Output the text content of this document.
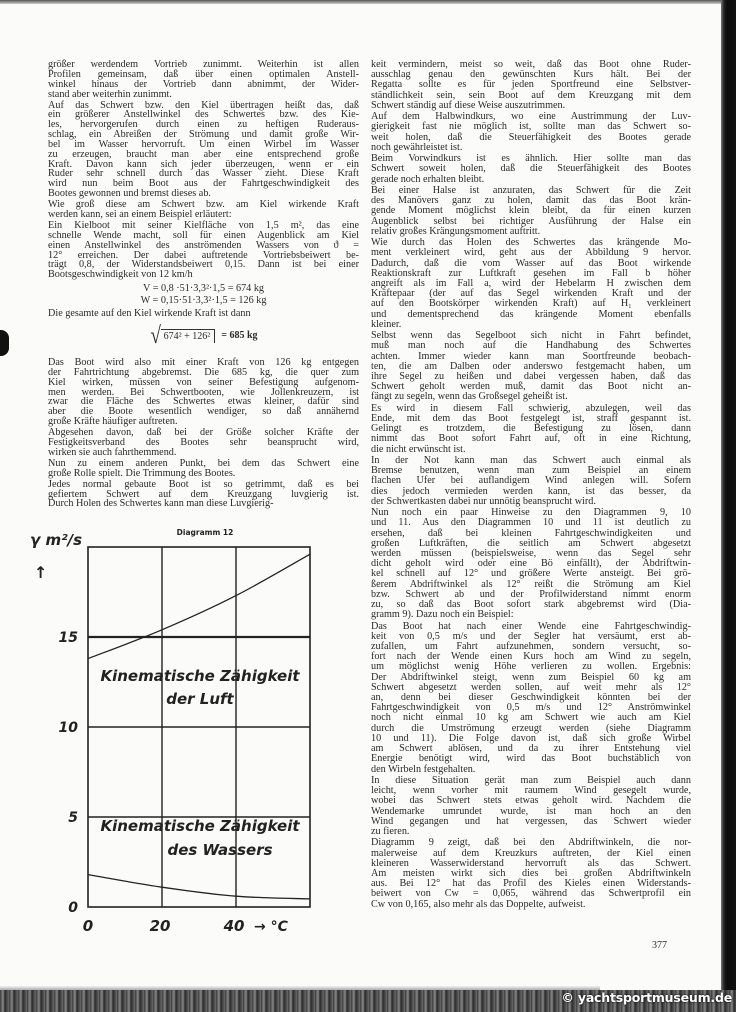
größer werdendem Vortrieb zunimmt. Weiterhin ist allen
Profilen gemeinsam, daß über einen optimalen Anstell-
winkel hinaus der Vortrieb dann abnimmt, der Wider-
stand aber weiterhin zunimmt.
Auf das Schwert bzw. den Kiel übertragen heißt das, daß
ein größerer Anstellwinkel des Schwertes bzw. des Kie-
les, hervorgerufen durch einen zu heftigen Ruderaus-
schlag, ein Abreißen der Strömung und damit große Wir-
bel im Wasser hervorruft. Um einen Wirbel im Wasser
zu erzeugen, braucht man aber eine entsprechend große
Kraft. Davon kann sich jeder überzeugen, wenn er ein
Ruder sehr schnell durch das Wasser zieht. Diese Kraft
wird nun beim Boot aus der Fahrtgeschwindigkeit des
Bootes gewonnen und bremst dieses ab.
Wie groß diese am Schwert bzw. am Kiel wirkende Kraft
werden kann, sei an einem Beispiel erläutert:
Ein Kielboot mit seiner Kielfläche von 1,5 m², das eine
schnelle Wende macht, soll für einen Augenblick am Kiel
einen Anstellwinkel des anströmenden Wassers von ϑ =
12° erreichen. Der dabei auftretende Vortriebsbeiwert be-
trägt 0,8, der Widerstandsbeiwert 0,15. Dann ist bei einer
Bootsgeschwindigkeit von 12 km/h
V = 0,8 ·51·3,3²·1,5 = 674 kg
W = 0,15·51·3,3²·1,5 = 126 kg
Die gesamte auf den Kiel wirkende Kraft ist dann
√ 674² + 126²	= 685 kg
Das Boot wird also mit einer Kraft von 126 kg entgegen
der Fahrtrichtung abgebremst. Die 685 kg, die quer zum
Kiel wirken, müssen von seiner Befestigung aufgenom-
men werden. Bei Schwertbooten, wie Jollenkreuzern, ist
zwar die Fläche des Schwertes etwas kleiner, dafür sind
aber die Boote wesentlich wendiger, so daß annähernd
große Kräfte häufiger auftreten.
Abgesehen davon, daß bei der Größe solcher Kräfte der
Festigkeitsverband des Bootes sehr beansprucht wird,
wirken sie auch fahrthemmend.
Nun zu einem anderen Punkt, bei dem das Schwert eine
große Rolle spielt. Die Trimmung des Bootes.
Jedes normal gebaute Boot ist so getrimmt, daß es bei
gefiertem Schwert auf dem Kreuzgang luvgierig ist.
Durch Holen des Schwertes kann man diese Luvgierig-
keit vermindern, meist so weit, daß das Boot ohne Ruder-
ausschlag genau den gewünschten Kurs hält. Bei der
Regatta sollte es für jeden Sportfreund eine Selbstver-
ständlichkeit sein, sein Boot auf dem Kreuzgang mit dem
Schwert ständig auf diese Weise auszutrimmen.
Auf dem Halbwindkurs, wo eine Austrimmung der Luv-
gierigkeit fast nie möglich ist, sollte man das Schwert so-
weit holen, daß die Steuerfähigkeit des Bootes gerade
noch gewährleistet ist.
Beim Vorwindkurs ist es ähnlich. Hier sollte man das
Schwert soweit holen, daß die Steuerfähigkeit des Bootes
gerade noch erhalten bleibt.
Bei einer Halse ist anzuraten, das Schwert für die Zeit
des Manövers ganz zu holen, damit das das Boot krän-
gende Moment möglichst klein bleibt, da für einen kurzen
Augenblick selbst bei richtiger Ausführung der Halse ein
relativ großes Krängungsmoment auftritt.
Wie durch das Holen des Schwertes das krängende Mo-
ment verkleinert wird, geht aus der Abbildung 9 hervor.
Dadurch, daß die vom Wasser auf das Boot wirkende
Reaktionskraft zur Luftkraft gesehen im Fall b höher
angreift als im Fall a, wird der Hebelarm H zwischen dem
Kräftepaar (der auf das Segel wirkenden Kraft und der
auf den Bootskörper wirkenden Kraft) auf H₁ verkleinert
und dementsprechend das krängende Moment ebenfalls
kleiner.
Selbst wenn das Segelboot sich nicht in Fahrt befindet,
muß man noch auf die Handhabung des Schwertes
achten. Immer wieder kann man Soortfreunde beobach-
ten, die am Dalben oder anderswo festgemacht haben, um
ihre Segel zu heißen und dabei vergessen haben, daß das
Schwert geholt werden muß, damit das Boot nicht an-
fängt zu segeln, wenn das Großsegel geheißt ist.
Es wird in diesem Fall schwierig, abzulegen, weil das
Ende, mit dem das Boot festgelegt ist, straff gespannt ist.
Gelingt es trotzdem, die Befestigung zu lösen, dann
nimmt das Boot sofort Fahrt auf, oft in eine Richtung,
die nicht erwünscht ist.
In der Not kann man das Schwert auch einmal als
Bremse benutzen, wenn man zum Beispiel an einem
flachen Ufer bei auflandigem Wind anlegen will. Sofern
dies jedoch vermieden werden kann, ist das besser, da
der Schwertkasten dabei nur unnötig beansprucht wird.
Nun noch ein paar Hinweise zu den Diagrammen 9, 10
und 11. Aus den Diagrammen 10 und 11 ist deutlich zu
ersehen, daß bei kleinen Fahrtgeschwindigkeiten und
großen Luftkräften, die seitlich am Schwert abgesetzt
werden müssen (beispielsweise, wenn das Segel sehr
dicht geholt wird oder eine Bö einfällt), der Abdriftwin-
kel schnell auf 12° und größere Werte ansteigt. Bei grö-
ßerem Abdriftwinkel als 12° reißt die Strömung am Kiel
bzw. Schwert ab und der Profilwiderstand nimmt enorm
zu, so daß das Boot sofort stark abgebremst wird (Dia-
gramm 9). Dazu noch ein Beispiel:
Das Boot hat nach einer Wende eine Fahrtgeschwindig-
keit von 0,5 m/s und der Segler hat versäumt, erst ab-
zufallen, um Fahrt aufzunehmen, sondern versucht, so-
fort nach der Wende einen Kurs hoch am Wind zu segeln,
um möglichst wenig Höhe verlieren zu wollen. Ergebnis:
Der Abdriftwinkel steigt, wenn zum Beispiel 60 kg am
Schwert abgesetzt werden sollen, auf weit mehr als 12°
an, denn bei dieser Geschwindigkeit könnten bei der
Fahrtgeschwindigkeit von 0,5 m/s und 12° Anströmwinkel
noch nicht einmal 10 kg am Schwert wie auch am Kiel
durch die Umströmung erzeugt werden (siehe Diagramm
10 und 11). Die Folge davon ist, daß sich große Wirbel
am Schwert ablösen, und da zu ihrer Entstehung viel
Energie benötigt wird, wird das Boot buchstäblich von
den Wirbeln festgehalten.
In diese Situation gerät man zum Beispiel auch dann
leicht, wenn vorher mit raumem Wind gesegelt wurde,
wobei das Schwert stets etwas geholt wird. Nachdem die
Wendemarke umrundet wurde, ist man hoch an den
Wind gegangen und hat vergessen, das Schwert wieder
zu fieren.
Diagramm 9 zeigt, daß bei den Abdriftwinkeln, die nor-
malerweise auf dem Kreuzkurs auftreten, der Kiel einen
kleineren Wasserwiderstand hervorruft als das Schwert.
Am meisten wirkt sich dies bei großen Abdriftwinkeln
aus. Bei 12° hat das Profil des Kieles einen Widerstands-
beiwert von Cw = 0,065, während das Schwertprofil ein
Cw von 0,165, also mehr als das Doppelte, aufweist.
0
5
10
15
0	20	40 → °C
γ m²/s
↑
Diagramm 12
Kinematische Zähigkeit
der Luft
Kinematische Zähigkeit
des Wassers
377
© yachtsportmuseum.de
